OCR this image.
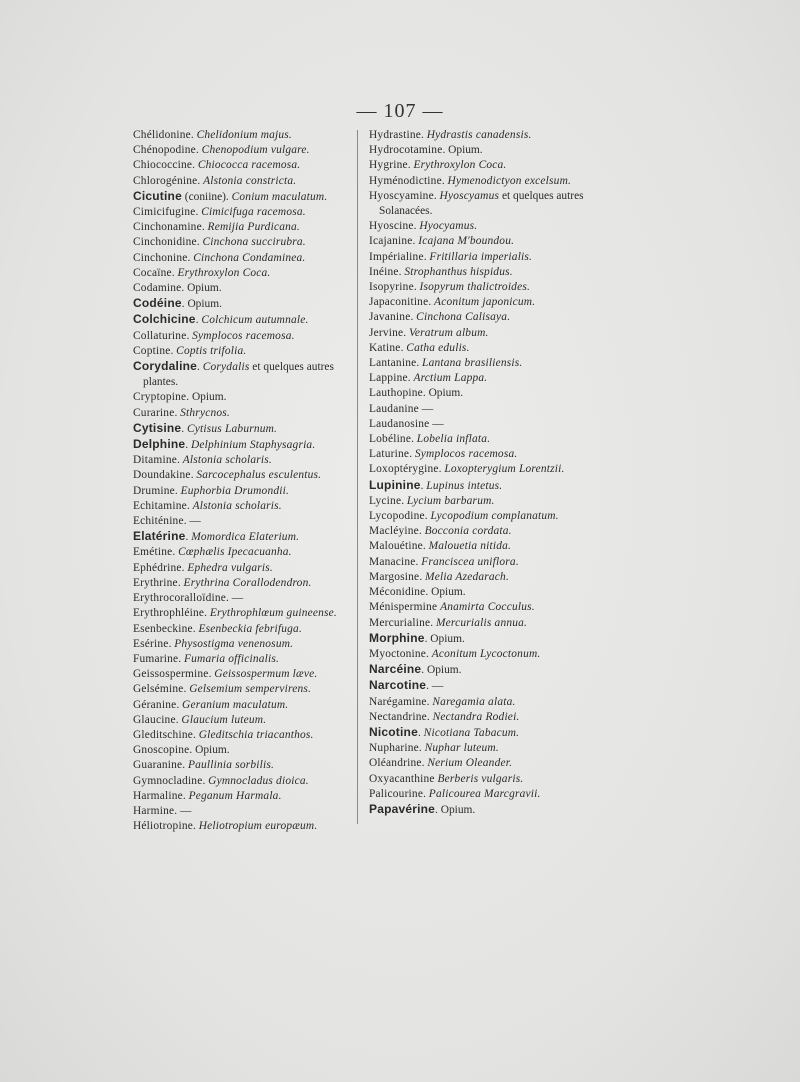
— 107 —
Chélidonine. Chelidonium majus.
Chénopodine. Chenopodium vulgare.
Chiococcine. Chiococca racemosa.
Chlorogénine. Alstonia constricta.
Cicutine (coniine). Conium maculatum.
Cimicifugine. Cimicifuga racemosa.
Cinchonamine. Remijia Purdicana.
Cinchonidine. Cinchona succirubra.
Cinchonine. Cinchona Condaminea.
Cocaïne. Erythroxylon Coca.
Codamine. Opium.
Codéine. Opium.
Colchicine. Colchicum autumnale.
Collaturine. Symplocos racemosa.
Coptine. Coptis trifolia.
Corydaline. Corydalis et quelques autres plantes.
Cryptopine. Opium.
Curarine. Sthrycnos.
Cytisine. Cytisus Laburnum.
Delphine. Delphinium Staphysagria.
Ditamine. Alstonia scholaris.
Doundakine. Sarcocephalus esculentus.
Drumine. Euphorbia Drumondii.
Echitamine. Alstonia scholaris.
Echiténine. —
Elatérine. Momordica Elaterium.
Emétine. Cœphælis Ipecacuanha.
Ephédrine. Ephedra vulgaris.
Erythrine. Erythrina Corallodendron.
Erythrocoralloïdine. —
Erythrophléine. Erythrophlœum guineense.
Esenbeckine. Esenbeckia febrifuga.
Esérine. Physostigma venenosum.
Fumarine. Fumaria officinalis.
Geissospermine. Geissospermum læve.
Gelsémine. Gelsemium sempervirens.
Géranine. Geranium maculatum.
Glaucine. Glaucium luteum.
Gleditschine. Gleditschia triacanthos.
Gnoscopine. Opium.
Guaranine. Paullinia sorbilis.
Gymnocladine. Gymnocladus dioica.
Harmaline. Peganum Harmala.
Harmine. —
Héliotropine. Heliotropium europæum.
Hydrastine. Hydrastis canadensis.
Hydrocotamine. Opium.
Hygrine. Erythroxylon Coca.
Hyménodictine. Hymenodictyon excelsum.
Hyoscyamine. Hyoscyamus et quelques autres Solanacées.
Hyoscine. Hyocyamus.
Icajanine. Icajana M'boundou.
Impérialine. Fritillaria imperialis.
Inéine. Strophanthus hispidus.
Isopyrine. Isopyrum thalictroides.
Japaconitine. Aconitum japonicum.
Javanine. Cinchona Calisaya.
Jervine. Veratrum album.
Katine. Catha edulis.
Lantanine. Lantana brasiliensis.
Lappine. Arctium Lappa.
Lauthopine. Opium.
Laudanine —
Laudanosine —
Lobéline. Lobelia inflata.
Laturine. Symplocos racemosa.
Loxoptérygine. Loxopterygium Lorentzii.
Lupinine. Lupinus intetus.
Lycine. Lycium barbarum.
Lycopodine. Lycopodium complanatum.
Macléyine. Bocconia cordata.
Malouétine. Malouetia nitida.
Manacine. Franciscea uniflora.
Margosine. Melia Azedarach.
Méconidine. Opium.
Ménispermine Anamirta Cocculus.
Mercurialine. Mercurialis annua.
Morphine. Opium.
Myoctonine. Aconitum Lycoctonum.
Narcéine. Opium.
Narcotine. —
Narégamine. Naregamia alata.
Nectandrine. Nectandra Rodiei.
Nicotine. Nicotiana Tabacum.
Nupharine. Nuphar luteum.
Oléandrine. Nerium Oleander.
Oxyacanthine Berberis vulgaris.
Palicourine. Palicourea Marcgravii.
Papavérine. Opium.
